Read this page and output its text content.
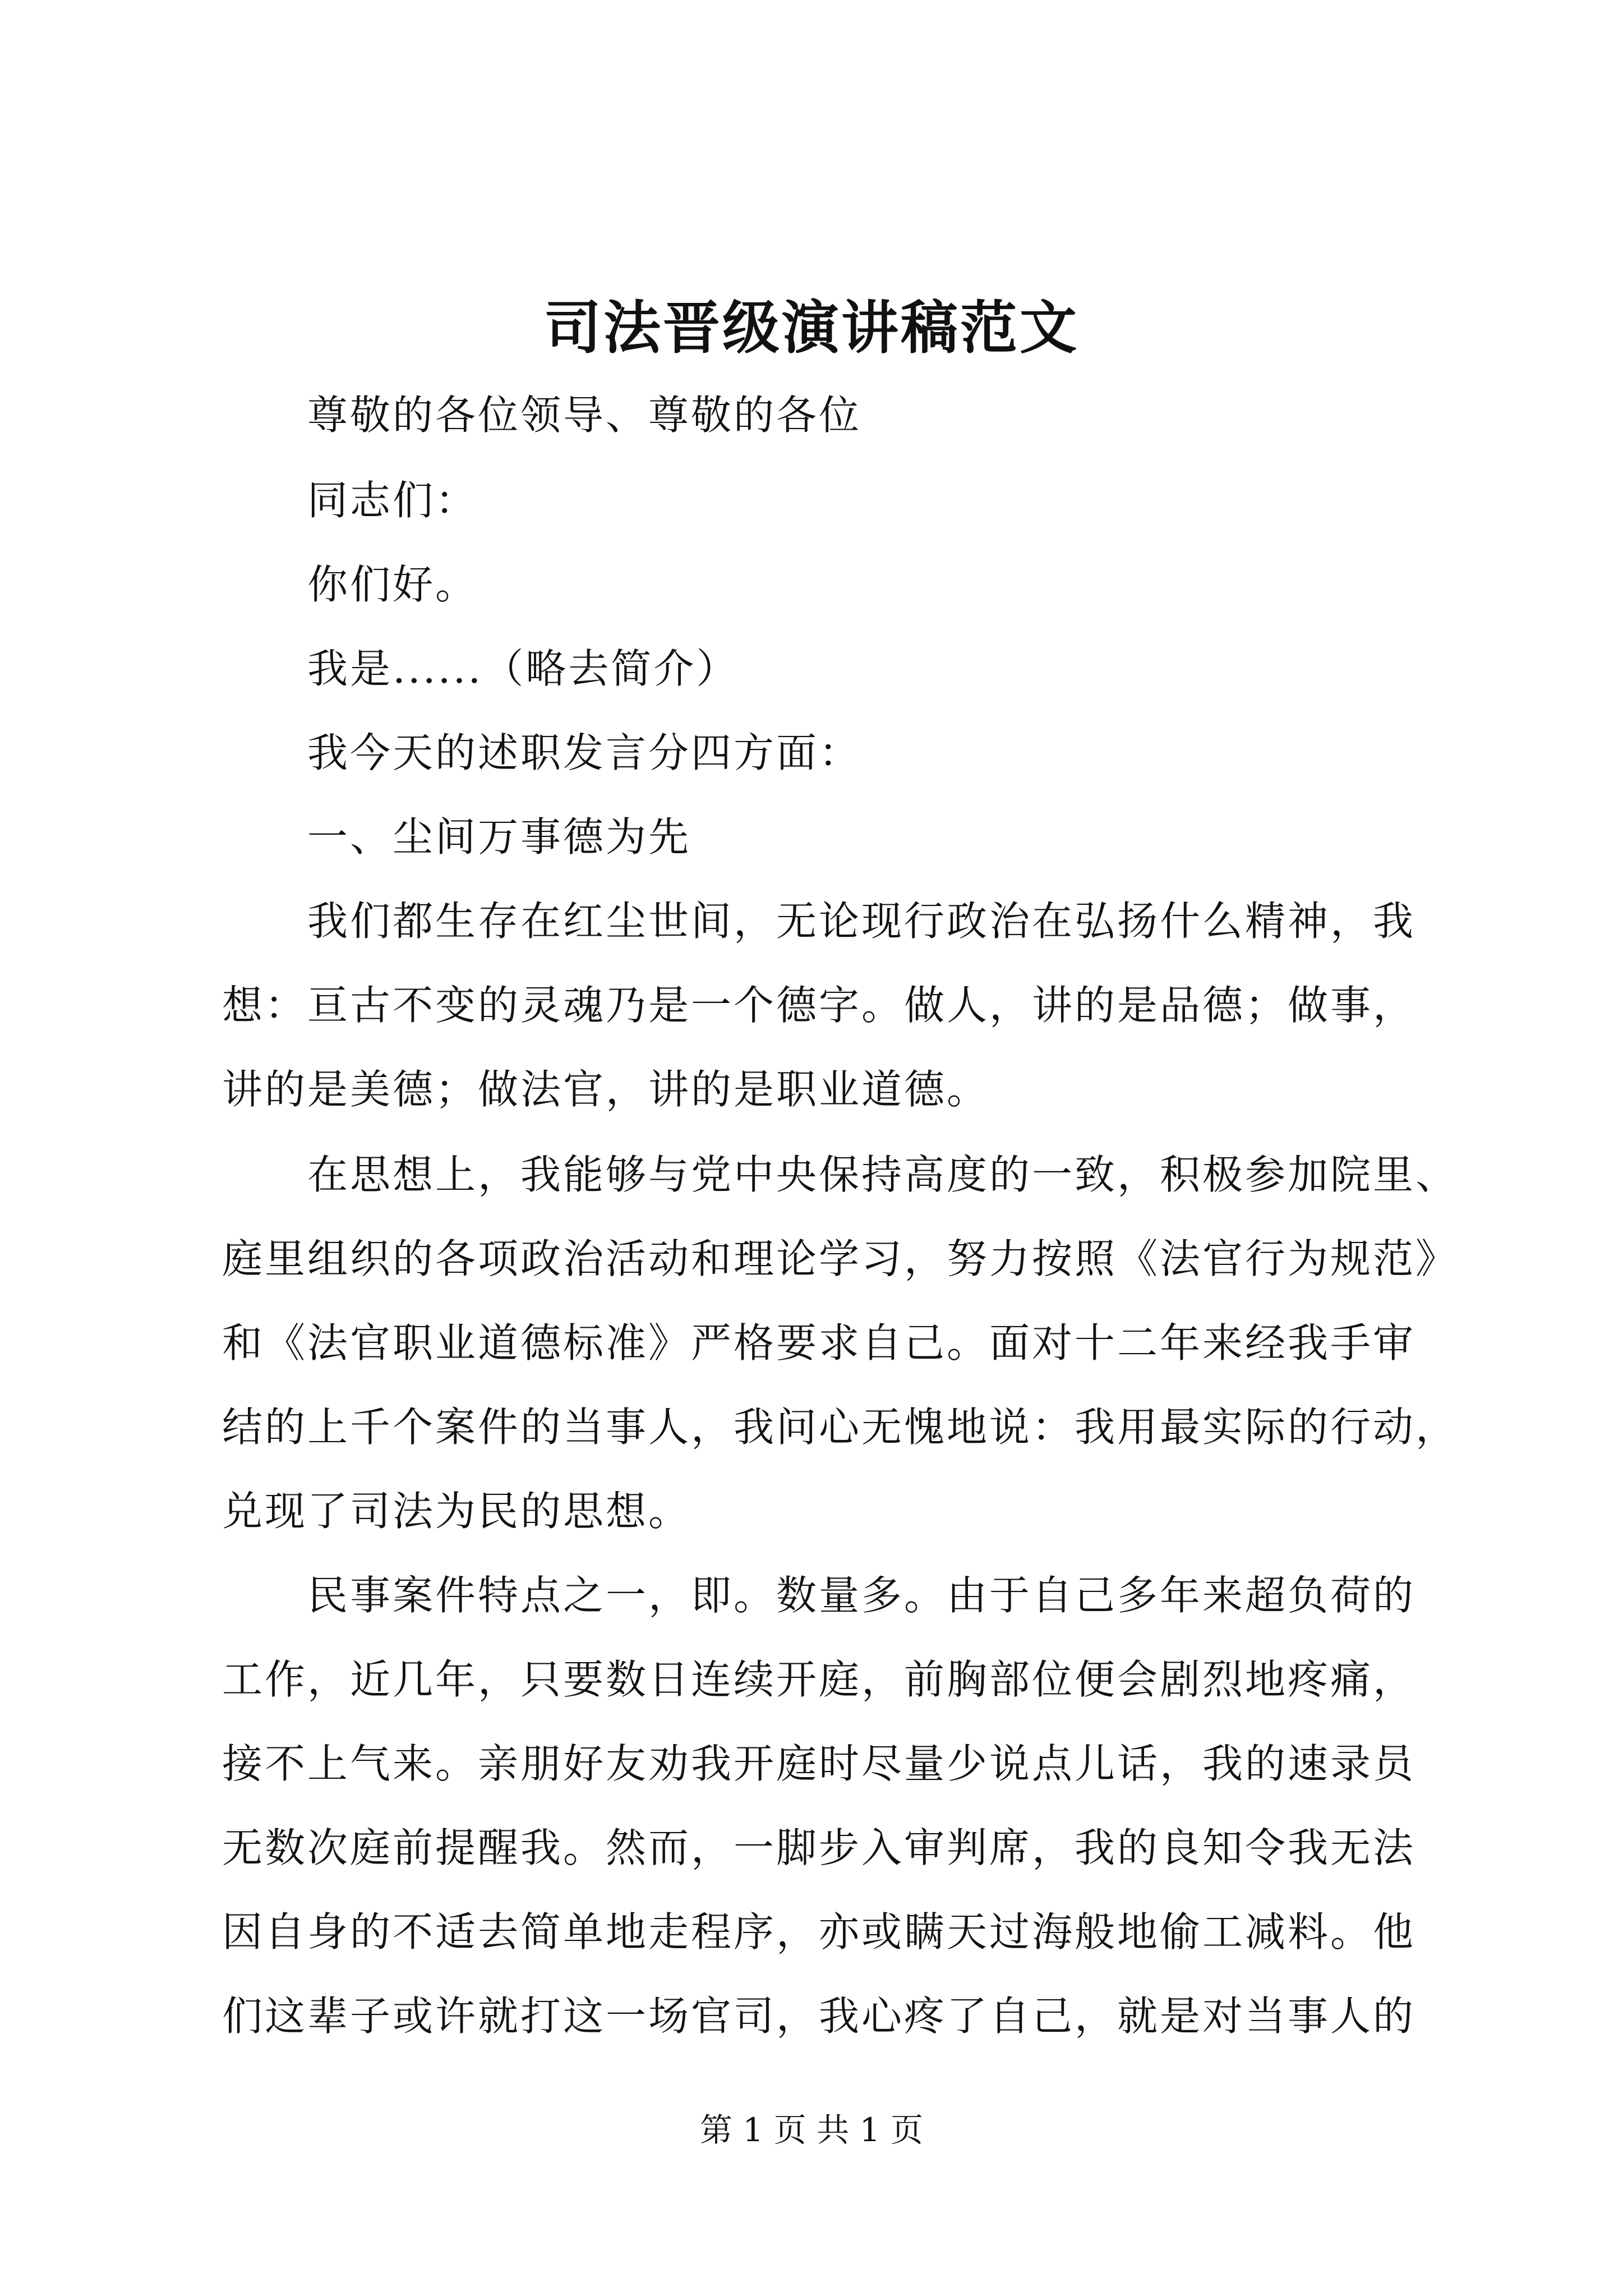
司法晋级演讲稿范文
尊敬的各位领导、尊敬的各位
同志们：
你们好。
我是......（略去简介）
我今天的述职发言分四方面：
一、尘间万事德为先
我们都生存在红尘世间，无论现行政治在弘扬什么精神，我
想：亘古不变的灵魂乃是一个德字。做人，讲的是品德；做事，
讲的是美德；做法官，讲的是职业道德。
在思想上，我能够与党中央保持高度的一致，积极参加院里、
庭里组织的各项政治活动和理论学习，努力按照《法官行为规范》
和《法官职业道德标准》严格要求自己。面对十二年来经我手审
结的上千个案件的当事人，我问心无愧地说：我用最实际的行动，
兑现了司法为民的思想。
民事案件特点之一，即。数量多。由于自己多年来超负荷的
工作，近几年，只要数日连续开庭，前胸部位便会剧烈地疼痛，
接不上气来。亲朋好友劝我开庭时尽量少说点儿话，我的速录员
无数次庭前提醒我。然而，一脚步入审判席，我的良知令我无法
因自身的不适去简单地走程序，亦或瞒天过海般地偷工减料。他
们这辈子或许就打这一场官司，我心疼了自己，就是对当事人的
第 1 页 共 1 页
